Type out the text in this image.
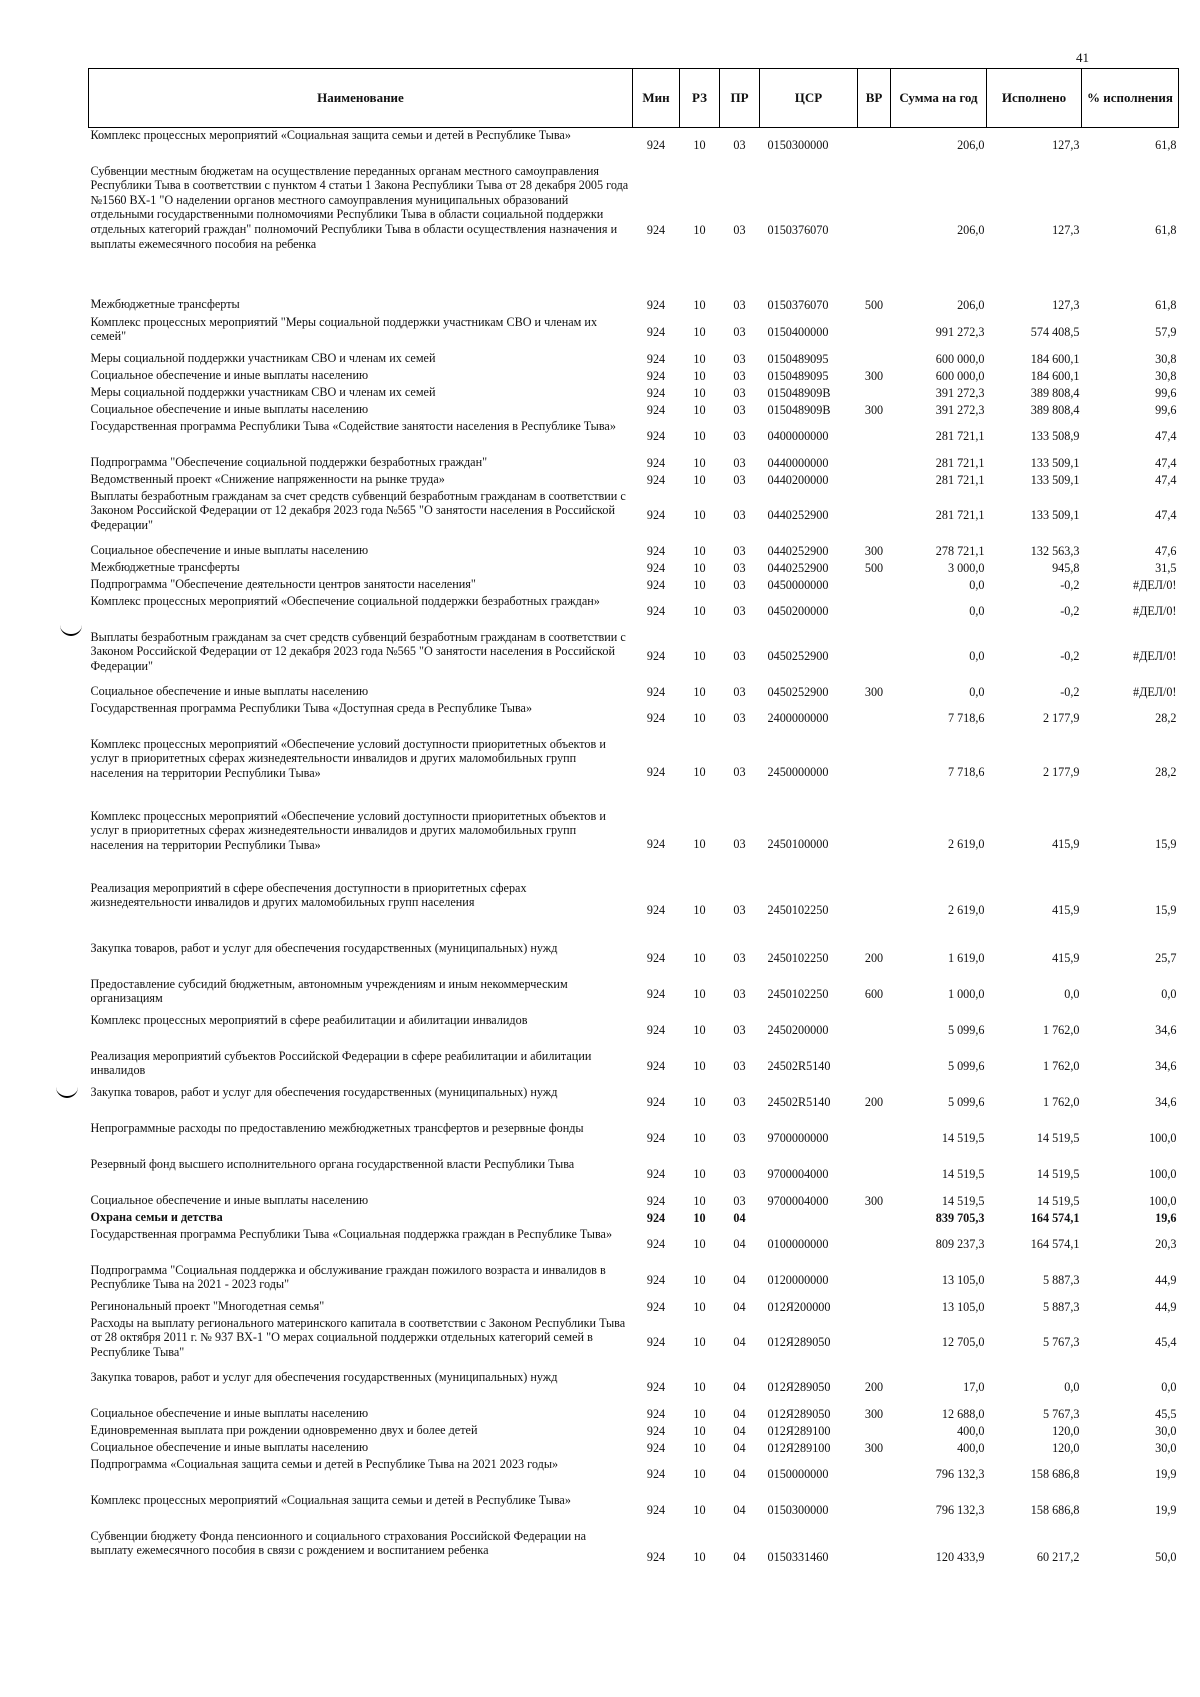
41
Наименование	Мин	РЗ	ПР	ЦСР	ВР	Сумма на год	Исполнено	% исполнения
Комплекс процессных мероприятий «Социальная защита семьи и детей в Республике Тыва»	924	10	03	0150300000		206,0	127,3	61,8
Субвенции местным бюджетам на осуществление переданных органам местного самоуправления Республики Тыва в соответствии с пунктом 4 статьи 1 Закона Республики Тыва от 28 декабря 2005 года №1560 ВХ-1 "О наделении органов местного самоуправления муниципальных образований отдельными государственными полномочиями Республики Тыва в области социальной поддержки отдельных категорий граждан" полномочий Республики Тыва в области осуществления назначения и выплаты ежемесячного пособия на ребенка	924	10	03	0150376070		206,0	127,3	61,8
Межбюджетные трансферты	924	10	03	0150376070	500	206,0	127,3	61,8
Комплекс процессных мероприятий "Меры социальной поддержки участникам СВО и членам их семей"	924	10	03	0150400000		991 272,3	574 408,5	57,9
Меры социальной поддержки участникам СВО и членам их семей	924	10	03	0150489095		600 000,0	184 600,1	30,8
Социальное обеспечение и иные выплаты населению	924	10	03	0150489095	300	600 000,0	184 600,1	30,8
Меры социальной поддержки участникам СВО и членам их семей	924	10	03	015048909В		391 272,3	389 808,4	99,6
Социальное обеспечение и иные выплаты населению	924	10	03	015048909В	300	391 272,3	389 808,4	99,6
Государственная программа Республики Тыва «Содействие занятости населения в Республике Тыва»	924	10	03	0400000000		281 721,1	133 508,9	47,4
Подпрограмма "Обеспечение социальной поддержки безработных граждан"	924	10	03	0440000000		281 721,1	133 509,1	47,4
Ведомственный проект «Снижение напряженности на рынке труда»	924	10	03	0440200000		281 721,1	133 509,1	47,4
Выплаты безработным гражданам за счет средств субвенций безработным гражданам в соответствии с Законом Российской Федерации от 12 декабря 2023 года №565 "О занятости населения в Российской Федерации"	924	10	03	0440252900		281 721,1	133 509,1	47,4
Социальное обеспечение и иные выплаты населению	924	10	03	0440252900	300	278 721,1	132 563,3	47,6
Межбюджетные трансферты	924	10	03	0440252900	500	3 000,0	945,8	31,5
Подпрограмма "Обеспечение деятельности центров занятости населения"	924	10	03	0450000000		0,0	-0,2	#ДЕЛ/0!
Комплекс процессных мероприятий «Обеспечение социальной поддержки безработных граждан»	924	10	03	0450200000		0,0	-0,2	#ДЕЛ/0!
Выплаты безработным гражданам за счет средств субвенций безработным гражданам в соответствии с Законом Российской Федерации от 12 декабря 2023 года №565 "О занятости населения в Российской Федерации"	924	10	03	0450252900		0,0	-0,2	#ДЕЛ/0!
Социальное обеспечение и иные выплаты населению	924	10	03	0450252900	300	0,0	-0,2	#ДЕЛ/0!
Государственная программа Республики Тыва «Доступная среда в Республике Тыва»	924	10	03	2400000000		7 718,6	2 177,9	28,2
Комплекс процессных мероприятий «Обеспечение условий доступности приоритетных объектов и услуг в приоритетных сферах жизнедеятельности инвалидов и других маломобильных групп населения на территории Республики Тыва»	924	10	03	2450000000		7 718,6	2 177,9	28,2
Комплекс процессных мероприятий «Обеспечение условий доступности приоритетных объектов и услуг в приоритетных сферах жизнедеятельности инвалидов и других маломобильных групп населения на территории Республики Тыва»	924	10	03	2450100000		2 619,0	415,9	15,9
Реализация мероприятий в сфере обеспечения доступности в приоритетных сферах жизнедеятельности инвалидов и других маломобильных групп населения	924	10	03	2450102250		2 619,0	415,9	15,9
Закупка товаров, работ и услуг для обеспечения государственных (муниципальных) нужд	924	10	03	2450102250	200	1 619,0	415,9	25,7
Предоставление субсидий бюджетным, автономным учреждениям и иным некоммерческим организациям	924	10	03	2450102250	600	1 000,0	0,0	0,0
Комплекс процессных мероприятий в сфере реабилитации и абилитации инвалидов	924	10	03	2450200000		5 099,6	1 762,0	34,6
Реализация мероприятий субъектов Российской Федерации в сфере реабилитации и абилитации инвалидов	924	10	03	24502R5140		5 099,6	1 762,0	34,6
Закупка товаров, работ и услуг для обеспечения государственных (муниципальных) нужд	924	10	03	24502R5140	200	5 099,6	1 762,0	34,6
Непрограммные расходы по предоставлению межбюджетных трансфертов и резервные фонды	924	10	03	9700000000		14 519,5	14 519,5	100,0
Резервный фонд высшего исполнительного органа государственной власти Республики Тыва	924	10	03	9700004000		14 519,5	14 519,5	100,0
Социальное обеспечение и иные выплаты населению	924	10	03	9700004000	300	14 519,5	14 519,5	100,0
Охрана семьи и детства	924	10	04			839 705,3	164 574,1	19,6
Государственная программа Республики Тыва «Социальная поддержка граждан в Республике Тыва»	924	10	04	0100000000		809 237,3	164 574,1	20,3
Подпрограмма "Социальная поддержка и обслуживание граждан пожилого возраста и инвалидов в Республике Тыва на 2021 - 2023 годы"	924	10	04	0120000000		13 105,0	5 887,3	44,9
Регинональный проект "Многодетная семья"	924	10	04	012Я200000		13 105,0	5 887,3	44,9
Расходы на выплату регионального материнского капитала в соответствии с Законом Республики Тыва от 28 октября 2011 г. № 937 ВХ-1 "О мерах социальной поддержки отдельных категорий семей в Республике Тыва"	924	10	04	012Я289050		12 705,0	5 767,3	45,4
Закупка товаров, работ и услуг для обеспечения государственных (муниципальных) нужд	924	10	04	012Я289050	200	17,0	0,0	0,0
Социальное обеспечение и иные выплаты населению	924	10	04	012Я289050	300	12 688,0	5 767,3	45,5
Единовременная выплата при рождении одновременно двух и более детей	924	10	04	012Я289100		400,0	120,0	30,0
Социальное обеспечение и иные выплаты населению	924	10	04	012Я289100	300	400,0	120,0	30,0
Подпрограмма «Социальная защита семьи и детей в Республике Тыва на 2021 2023 годы»	924	10	04	0150000000		796 132,3	158 686,8	19,9
Комплекс процессных мероприятий «Социальная защита семьи и детей в Республике Тыва»	924	10	04	0150300000		796 132,3	158 686,8	19,9
Субвенции бюджету Фонда пенсионного и социального страхования Российской Федерации на выплату ежемесячного пособия в связи с рождением и воспитанием ребенка	924	10	04	0150331460		120 433,9	60 217,2	50,0
